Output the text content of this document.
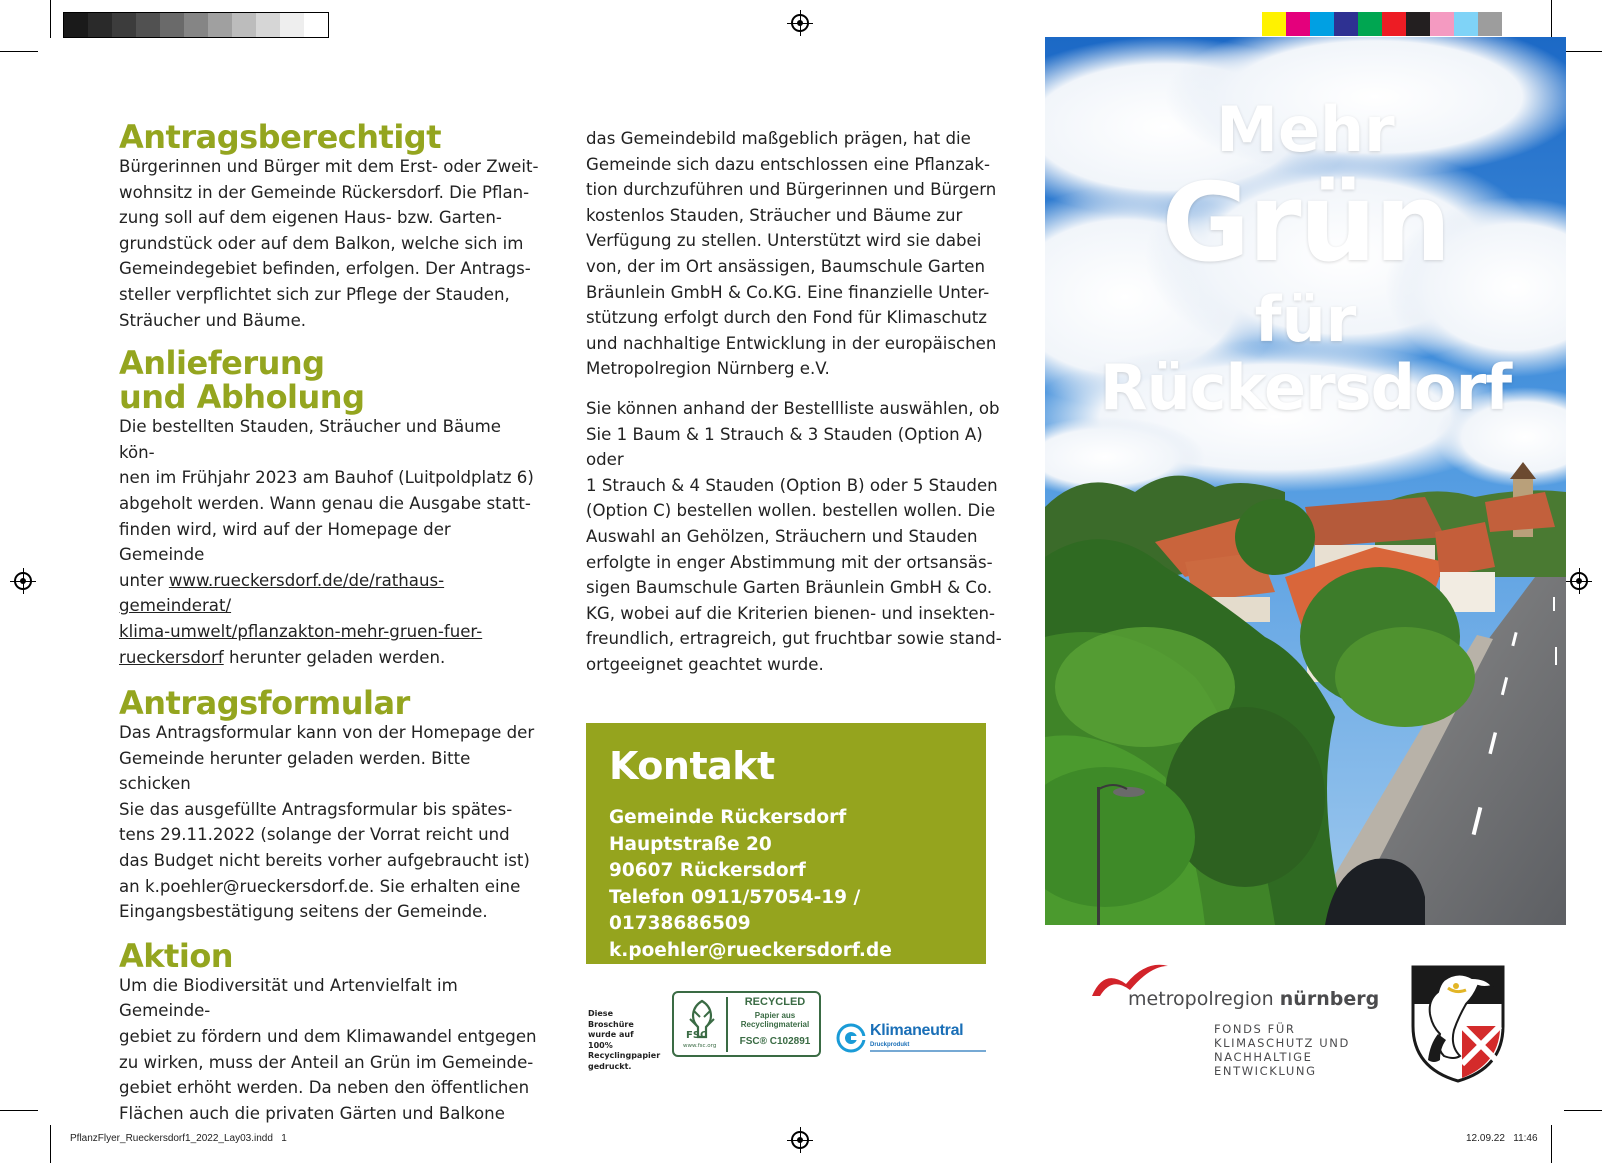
Antragsberechtigt

Bürgerinnen und Bürger mit dem Erst- oder Zweit-
wohnsitz in der Gemeinde Rückersdorf. Die Pflan-
zung soll auf dem eigenen Haus- bzw. Garten-
grundstück oder auf dem Balkon, welche sich im
Gemeindegebiet befinden, erfolgen. Der Antrags-
steller verpflichtet sich zur Pflege der Stauden,
Sträucher und Bäume.

Anlieferung
und Abholung

Die bestellten Stauden, Sträucher und Bäume kön-
nen im Frühjahr 2023 am Bauhof (Luitpoldplatz 6)
abgeholt werden. Wann genau die Ausgabe statt-
finden wird, wird auf der Homepage der Gemeinde

unter www.rueckersdorf.de/de/rathaus-gemeinderat/
klima-umwelt/pflanzakton-mehr-gruen-fuer-
rueckersdorf herunter geladen werden.

Antragsformular

Das Antragsformular kann von der Homepage der
Gemeinde herunter geladen werden. Bitte schicken
Sie das ausgefüllte Antragsformular bis spätes-
tens 29.11.2022 (solange der Vorrat reicht und
das Budget nicht bereits vorher aufgebraucht ist)
an k.poehler@rueckersdorf.de. Sie erhalten eine
Eingangsbestätigung seitens der Gemeinde.

Aktion

Um die Biodiversität und Artenvielfalt im Gemeinde-
gebiet zu fördern und dem Klimawandel entgegen
zu wirken, muss der Anteil an Grün im Gemeinde-
gebiet erhöht werden. Da neben den öffentlichen
Flächen auch die privaten Gärten und Balkone

das Gemeindebild maßgeblich prägen, hat die
Gemeinde sich dazu entschlossen eine Pflanzak-
tion durchzuführen und Bürgerinnen und Bürgern
kostenlos Stauden, Sträucher und Bäume zur
Verfügung zu stellen. Unterstützt wird sie dabei
von, der im Ort ansässigen, Baumschule Garten
Bräunlein GmbH & Co.KG. Eine finanzielle Unter-
stützung erfolgt durch den Fond für Klimaschutz
und nachhaltige Entwicklung in der europäischen
Metropolregion Nürnberg e.V.

Sie können anhand der Bestellliste auswählen, ob
Sie 1 Baum & 1 Strauch & 3 Stauden (Option A) oder
1 Strauch & 4 Stauden (Option B) oder 5 Stauden
(Option C) bestellen wollen. bestellen wollen. Die
Auswahl an Gehölzen, Sträuchern und Stauden
erfolgte in enger Abstimmung mit der ortsansäs-
sigen Baumschule Garten Bräunlein GmbH & Co.
KG, wobei auf die Kriterien bienen- und insekten-
freundlich, ertragreich, gut fruchtbar sowie stand-
ortgeeignet geachtet wurde.

Kontakt
Gemeinde Rückersdorf
Hauptstraße 20
90607 Rückersdorf
Telefon 0911/57054-19 / 01738686509
k.poehler@rueckersdorf.de
Diese Broschüre
wurde auf 100%
Recyclingpapier
gedruckt.
FSC
www.fsc.org
RECYCLED
Papier aus
Recyclingmaterial
FSC® C102891
Klimaneutral
Druckprodukt
Mehr
Grün
für
Rückersdorf
metropolregion nürnberg
FONDS FÜR
KLIMASCHUTZ UND
NACHHALTIGE
ENTWICKLUNG
PflanzFlyer_Rueckersdorf1_2022_Lay03.indd   1	12.09.22   11:46
